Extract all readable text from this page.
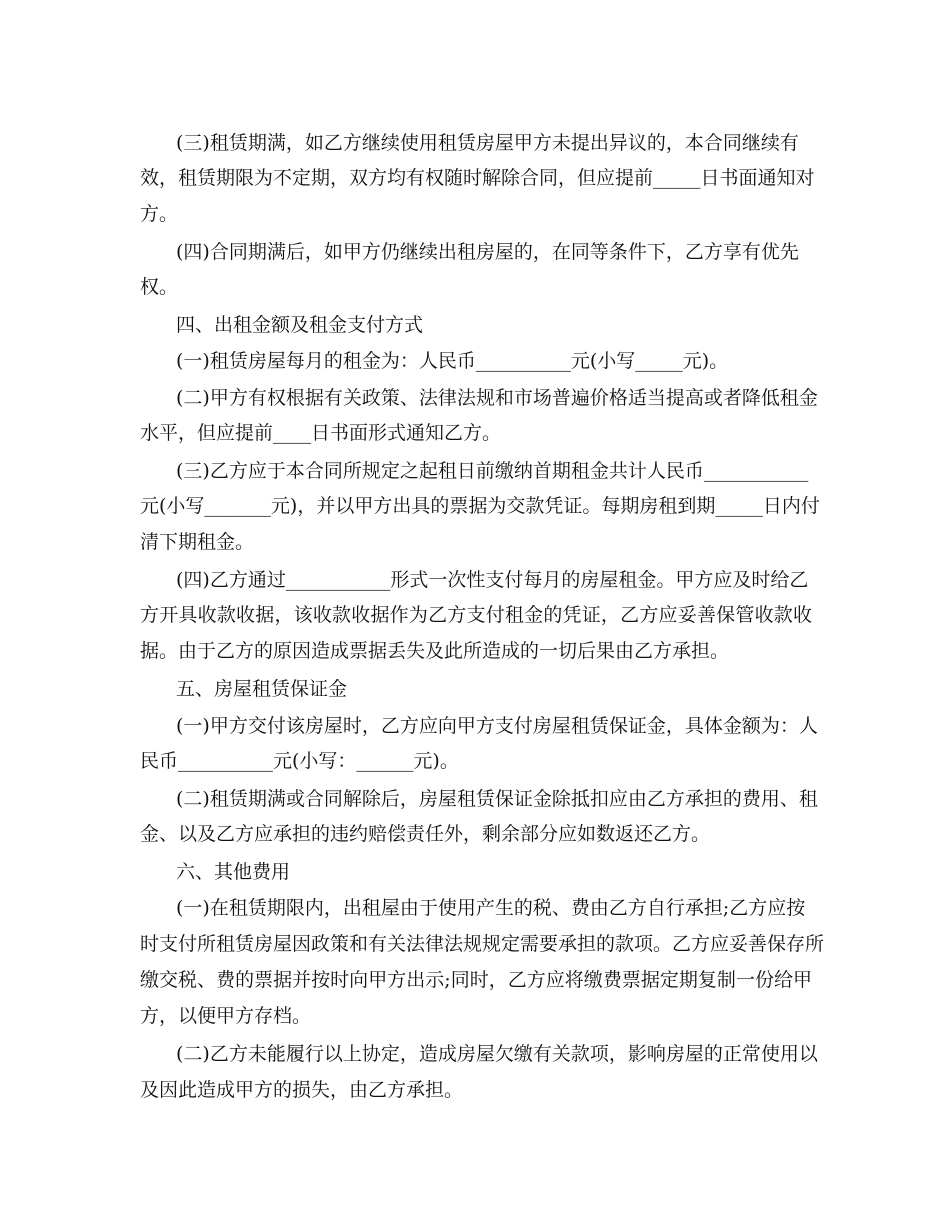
(三)租赁期满，如乙方继续使用租赁房屋甲方未提出异议的，本合同继续有
效，租赁期限为不定期，双方均有权随时解除合同，但应提前_____日书面通知对
方。
(四)合同期满后，如甲方仍继续出租房屋的，在同等条件下，乙方享有优先
权。
四、出租金额及租金支付方式
(一)租赁房屋每月的租金为：人民币__________元(小写_____元)。
(二)甲方有权根据有关政策、法律法规和市场普遍价格适当提高或者降低租金
水平，但应提前____日书面形式通知乙方。
(三)乙方应于本合同所规定之起租日前缴纳首期租金共计人民币___________
元(小写_______元)，并以甲方出具的票据为交款凭证。每期房租到期_____日内付
清下期租金。
(四)乙方通过___________形式一次性支付每月的房屋租金。甲方应及时给乙
方开具收款收据，该收款收据作为乙方支付租金的凭证，乙方应妥善保管收款收
据。由于乙方的原因造成票据丢失及此所造成的一切后果由乙方承担。
五、房屋租赁保证金
(一)甲方交付该房屋时，乙方应向甲方支付房屋租赁保证金，具体金额为：人
民币__________元(小写：______元)。
(二)租赁期满或合同解除后，房屋租赁保证金除抵扣应由乙方承担的费用、租
金、以及乙方应承担的违约赔偿责任外，剩余部分应如数返还乙方。
六、其他费用
(一)在租赁期限内，出租屋由于使用产生的税、费由乙方自行承担;乙方应按
时支付所租赁房屋因政策和有关法律法规规定需要承担的款项。乙方应妥善保存所
缴交税、费的票据并按时向甲方出示;同时，乙方应将缴费票据定期复制一份给甲
方，以便甲方存档。
(二)乙方未能履行以上协定，造成房屋欠缴有关款项，影响房屋的正常使用以
及因此造成甲方的损失，由乙方承担。
